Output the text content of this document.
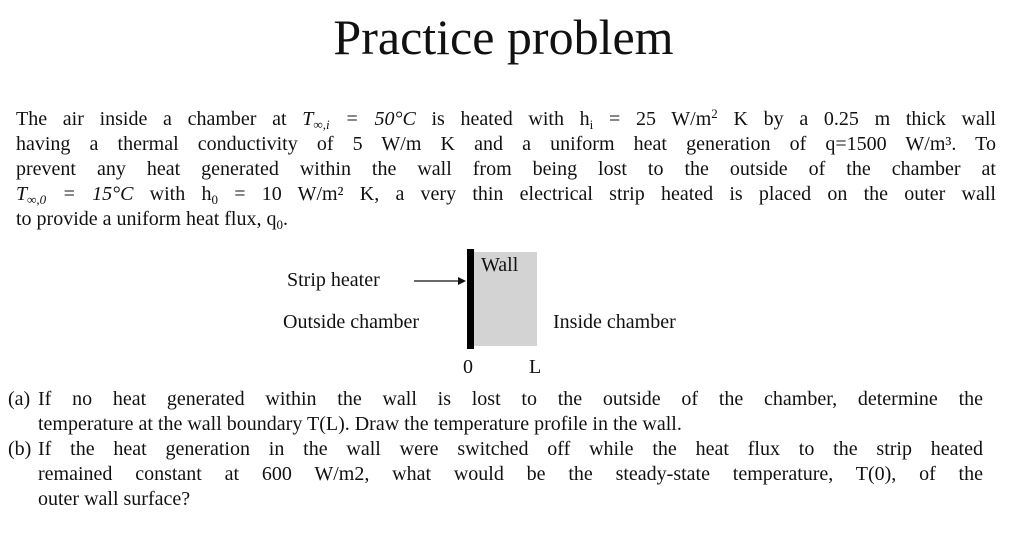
Practice problem
The air inside a chamber at $T_{\infty,i} = 50^\circ C$ is heated with $h_i = 25$ $W/m^2$ K by a 0.25 m thick wall
having a thermal conductivity of 5 W/m K and a uniform heat generation of q=1500 W/m³. To
prevent any heat generated within the wall from being lost to the outside of the chamber at
$T_{\infty,0} = 15^\circ C$ with $h_0 = 10$ W/m² K, a very thin electrical strip heated is placed on the outer wall
to provide a uniform heat flux, $q_0$.
Wall
Strip heater
Outside chamber	Inside chamber
0	L
(a) If no heat generated within the wall is lost to the outside of the chamber, determine the
temperature at the wall boundary T(L). Draw the temperature profile in the wall.
(b) If the heat generation in the wall were switched off while the heat flux to the strip heated
remained constant at 600 W/m2, what would be the steady-state temperature, T(0), of the
outer wall surface?
